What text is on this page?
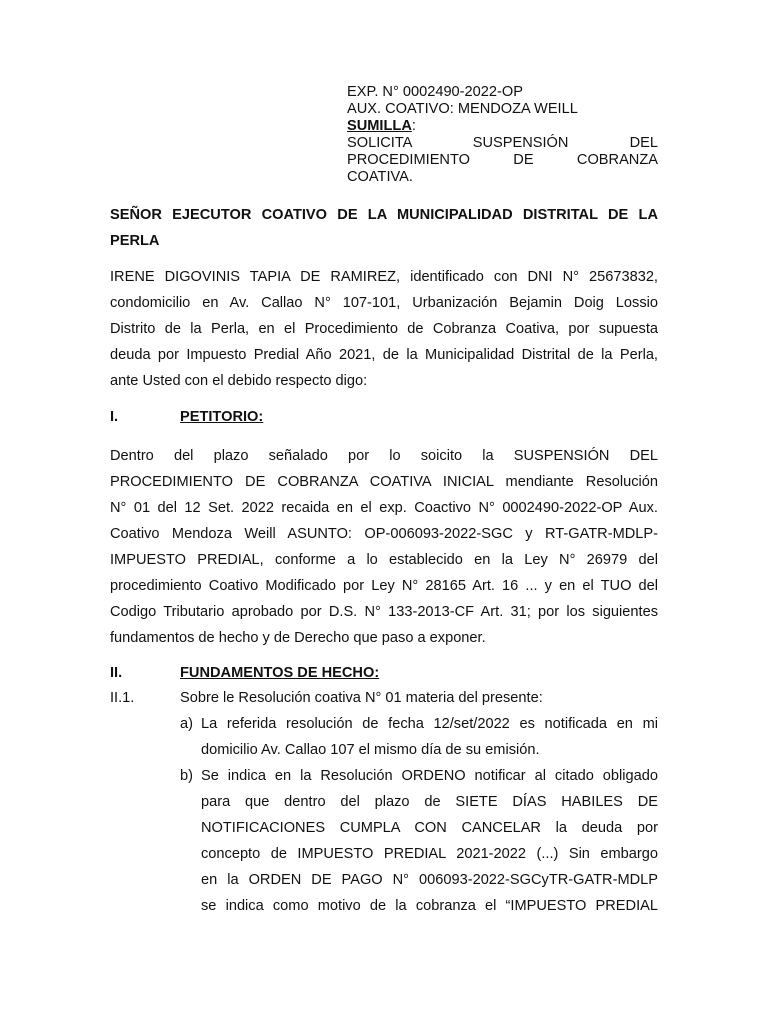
EXP. N° 0002490-2022-OP
AUX. COATIVO: MENDOZA WEILL
SUMILLA:
SOLICITA SUSPENSIÓN DEL
PROCEDIMIENTO DE COBRANZA
COATIVA.
SEÑOR EJECUTOR COATIVO DE LA MUNICIPALIDAD DISTRITAL DE LA
PERLA
IRENE DIGOVINIS TAPIA DE RAMIREZ, identificado con DNI N° 25673832,
condomicilio en Av. Callao N° 107-101, Urbanización Bejamin Doig Lossio
Distrito de la Perla, en el Procedimiento de Cobranza Coativa, por supuesta
deuda por Impuesto Predial Año 2021, de la Municipalidad Distrital de la Perla,
ante Usted con el debido respecto digo:
I.	PETITORIO:
Dentro del plazo señalado por lo soicito la SUSPENSIÓN DEL
PROCEDIMIENTO DE COBRANZA COATIVA INICIAL mendiante Resolución
N° 01 del 12 Set. 2022 recaida en el exp. Coactivo N° 0002490-2022-OP Aux.
Coativo Mendoza Weill ASUNTO: OP-006093-2022-SGC y RT-GATR-MDLP-
IMPUESTO PREDIAL, conforme a lo establecido en la Ley N° 26979 del
procedimiento Coativo Modificado por Ley N° 28165 Art. 16 ... y en el TUO del
Codigo Tributario aprobado por D.S. N° 133-2013-CF Art. 31; por los siguientes
fundamentos de hecho y de Derecho que paso a exponer.
II.	FUNDAMENTOS DE HECHO:
II.1.	Sobre le Resolución coativa N° 01 materia del presente:
a) La referida resolución de fecha 12/set/2022 es notificada en mi
domicilio Av. Callao 107 el mismo día de su emisión.
b) Se indica en la Resolución ORDENO notificar al citado obligado
para que dentro del plazo de SIETE DÍAS HABILES DE
NOTIFICACIONES CUMPLA CON CANCELAR la deuda por
concepto de IMPUESTO PREDIAL 2021-2022 (...) Sin embargo
en la ORDEN DE PAGO N° 006093-2022-SGCyTR-GATR-MDLP
se indica como motivo de la cobranza el “IMPUESTO PREDIAL
